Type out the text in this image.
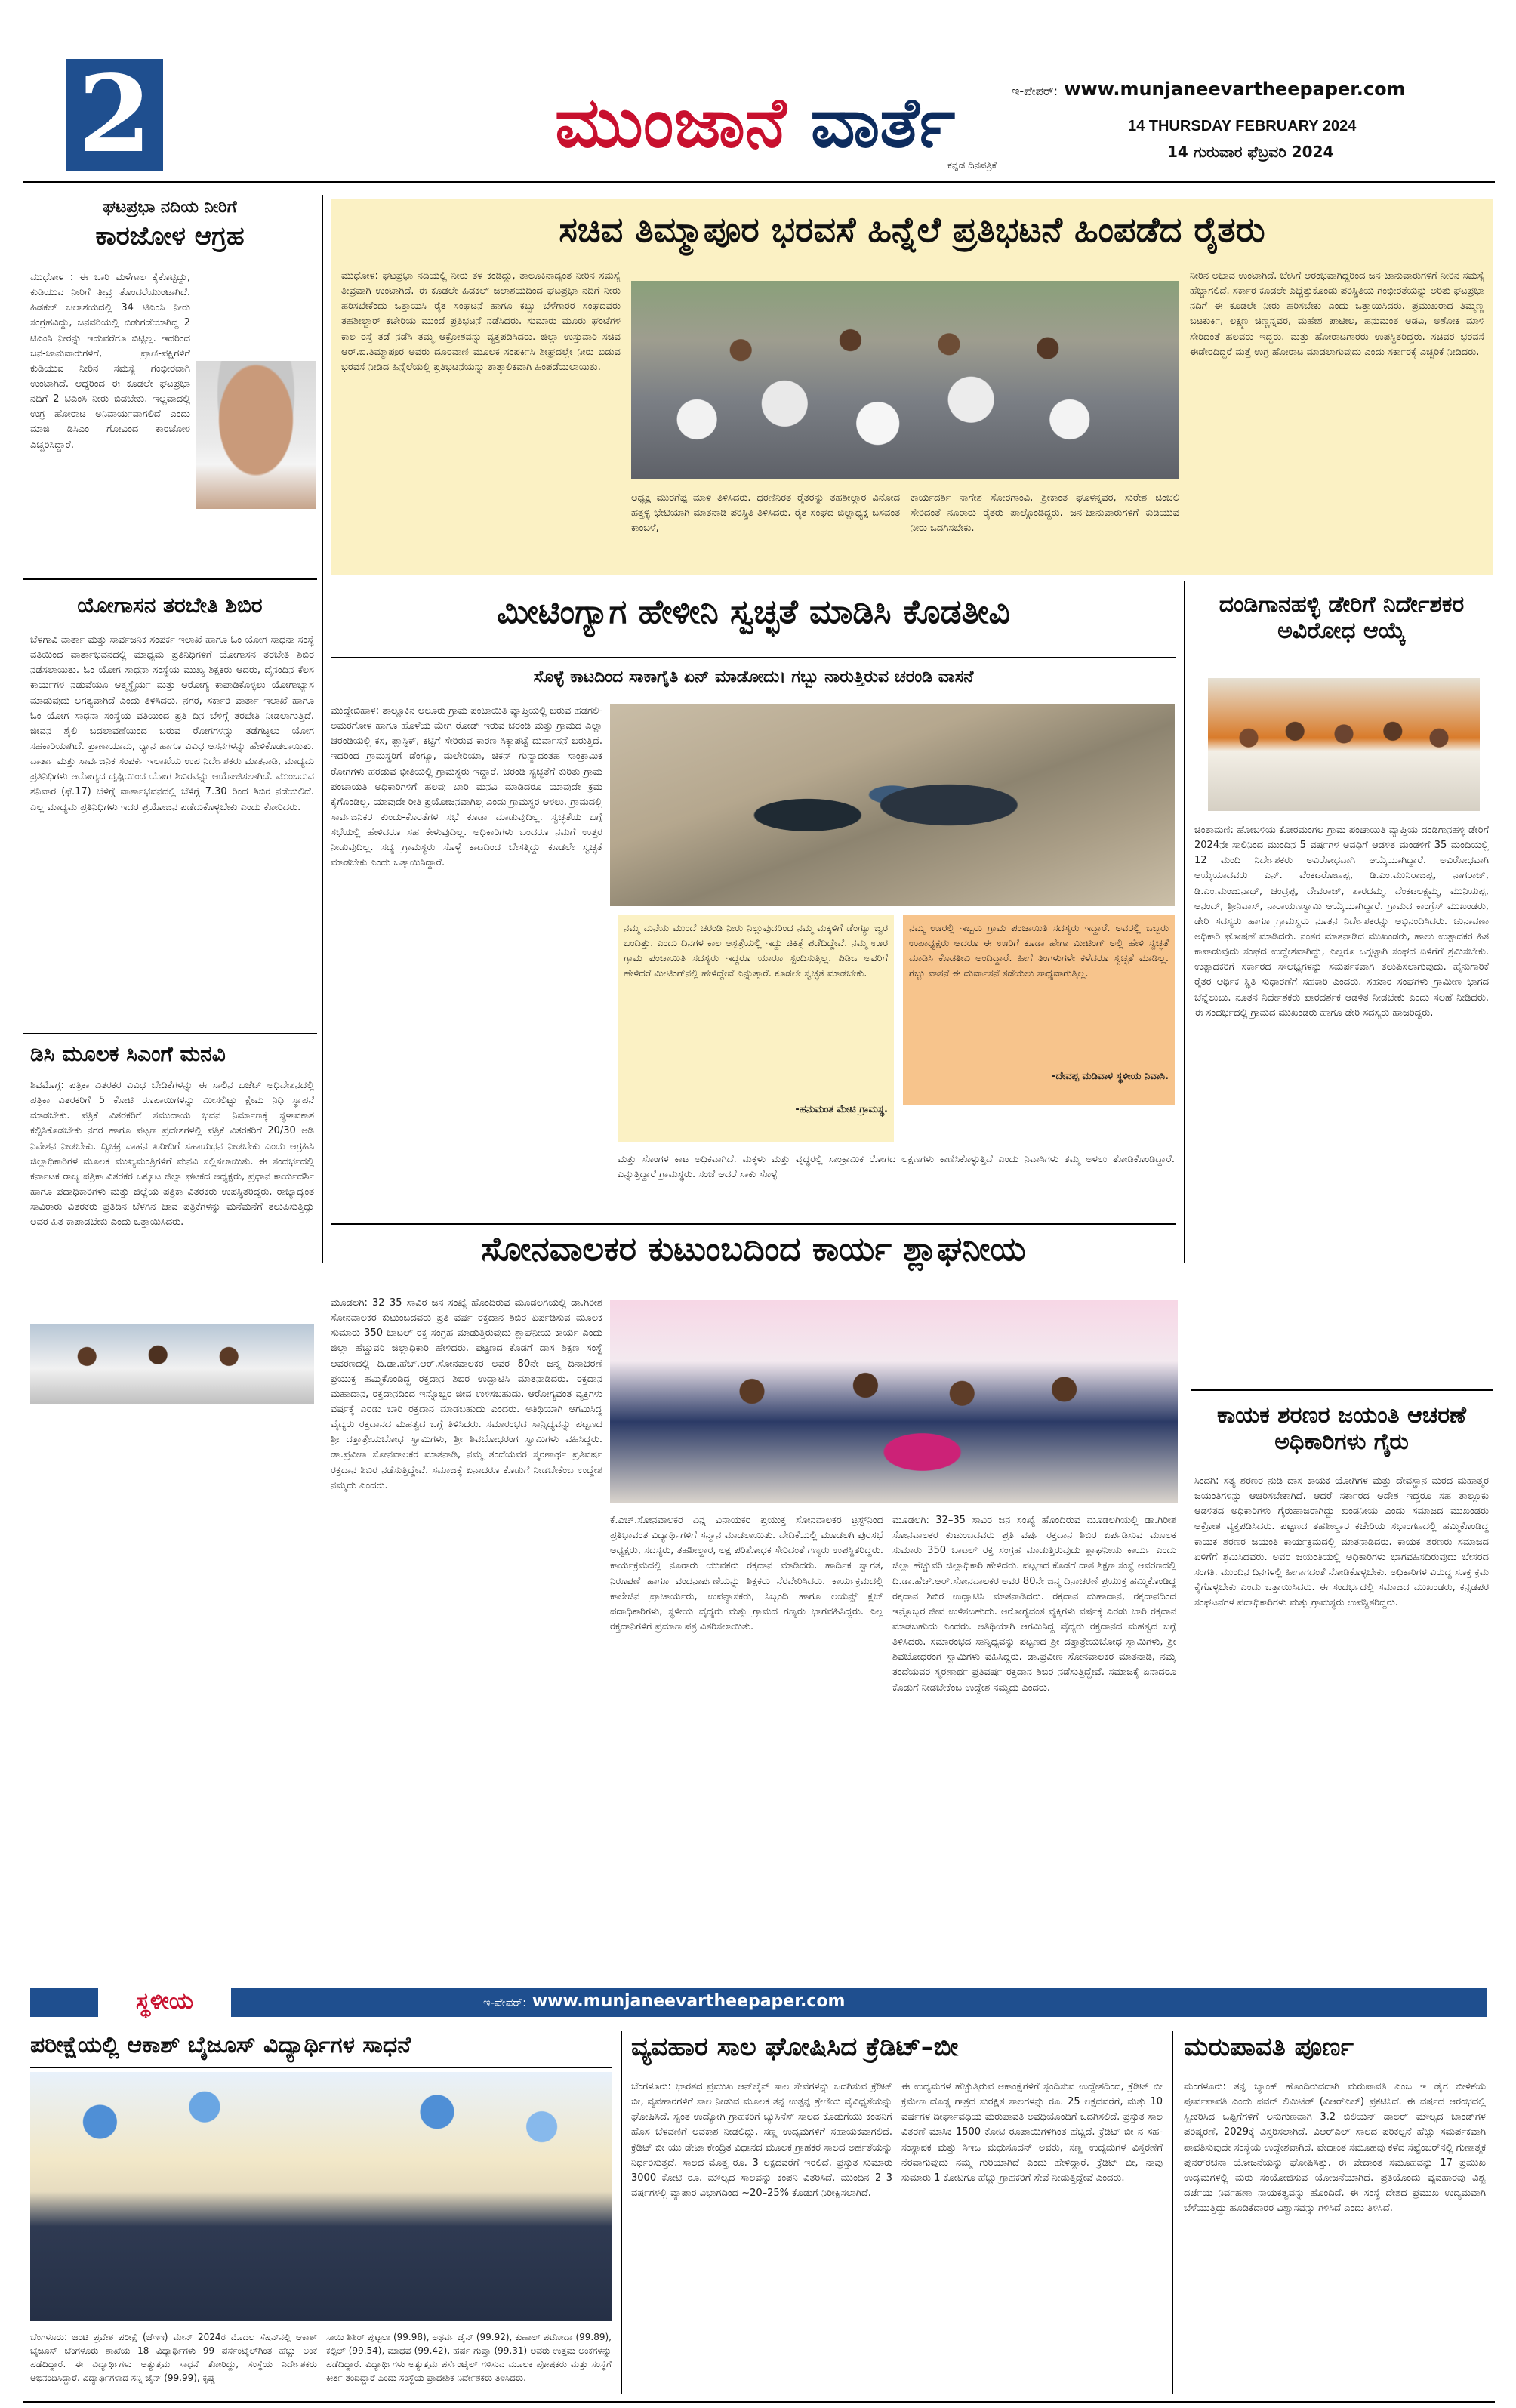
2	ಮುಂಜಾನೆ ವಾರ್ತೆ
ಕನ್ನಡ ದಿನಪತ್ರಿಕೆ
ಇ-ಪೇಪರ್: www.munjaneevartheepaper.com
14 THURSDAY FEBRUARY 2024
14 ಗುರುವಾರ ಫೆಬ್ರವರಿ 2024
ಘಟಪ್ರಭಾ ನದಿಯ ನೀರಿಗೆ
ಕಾರಜೋಳ ಆಗ್ರಹ
ಮುಧೋಳ : ಈ ಬಾರಿ ಮಳೆಗಾಲ ಕೈಕೊಟ್ಟಿದ್ದು, ಕುಡಿಯುವ ನೀರಿಗೆ ತೀವ್ರ ತೊಂದರೆಯುಂಟಾಗಿದೆ. ಹಿಡಕಲ್ ಜಲಾಶಯದಲ್ಲಿ 34 ಟಿಎಂಸಿ ನೀರು ಸಂಗ್ರಹವಿದ್ದು, ಜನವರಿಯಲ್ಲಿ ಬಿಡುಗಡೆಯಾಗಿದ್ದ 2 ಟಿಎಂಸಿ ನೀರನ್ನು ಇದುವರೆಗೂ ಬಿಟ್ಟಿಲ್ಲ. ಇದರಿಂದ ಜನ-ಜಾನುವಾರುಗಳಿಗೆ, ಪ್ರಾಣಿ-ಪಕ್ಷಿಗಳಿಗೆ ಕುಡಿಯುವ ನೀರಿನ ಸಮಸ್ಯೆ ಗಂಭೀರವಾಗಿ ಉಂಟಾಗಿದೆ. ಆದ್ದರಿಂದ ಈ ಕೂಡಲೇ ಘಟಪ್ರಭಾ ನದಿಗೆ 2 ಟಿಎಂಸಿ ನೀರು ಬಿಡಬೇಕು. ಇಲ್ಲವಾದಲ್ಲಿ ಉಗ್ರ ಹೋರಾಟ ಅನಿವಾರ್ಯವಾಗಲಿದೆ ಎಂದು ಮಾಜಿ ಡಿಸಿಎಂ ಗೋವಿಂದ ಕಾರಜೋಳ ಎಚ್ಚರಿಸಿದ್ದಾರೆ.
ಯೋಗಾಸನ ತರಬೇತಿ ಶಿಬಿರ
ಬೆಳಗಾವಿ ವಾರ್ತಾ ಮತ್ತು ಸಾರ್ವಜನಿಕ ಸಂಪರ್ಕ ಇಲಾಖೆ ಹಾಗೂ ಓಂ ಯೋಗ ಸಾಧನಾ ಸಂಸ್ಥೆ ವತಿಯಿಂದ ವಾರ್ತಾಭವನದಲ್ಲಿ ಮಾಧ್ಯಮ ಪ್ರತಿನಿಧಿಗಳಿಗೆ ಯೋಗಾಸನ ತರಬೇತಿ ಶಿಬಿರ ನಡೆಸಲಾಯಿತು. ಓಂ ಯೋಗ ಸಾಧನಾ ಸಂಸ್ಥೆಯ ಮುಖ್ಯ ಶಿಕ್ಷಕರು ಆದರು, ದೈನಂದಿನ ಕೆಲಸ ಕಾರ್ಯಗಳ ನಡುವೆಯೂ ಆತ್ಮಸ್ಥೈರ್ಯ ಮತ್ತು ಆರೋಗ್ಯ ಕಾಪಾಡಿಕೊಳ್ಳಲು ಯೋಗಾಭ್ಯಾಸ ಮಾಡುವುದು ಅಗತ್ಯವಾಗಿದೆ ಎಂದು ತಿಳಿಸಿದರು. ನಗರ, ಸರ್ಕಾರಿ ವಾರ್ತಾ ಇಲಾಖೆ ಹಾಗೂ ಓಂ ಯೋಗ ಸಾಧನಾ ಸಂಸ್ಥೆಯ ವತಿಯಿಂದ ಪ್ರತಿ ದಿನ ಬೆಳಿಗ್ಗೆ ತರಬೇತಿ ನೀಡಲಾಗುತ್ತಿದೆ. ಜೀವನ ಶೈಲಿ ಬದಲಾವಣೆಯಿಂದ ಬರುವ ರೋಗಗಳನ್ನು ತಡೆಗಟ್ಟಲು ಯೋಗ ಸಹಕಾರಿಯಾಗಿದೆ. ಪ್ರಾಣಾಯಾಮ, ಧ್ಯಾನ ಹಾಗೂ ವಿವಿಧ ಆಸನಗಳನ್ನು ಹೇಳಿಕೊಡಲಾಯಿತು. ವಾರ್ತಾ ಮತ್ತು ಸಾರ್ವಜನಿಕ ಸಂಪರ್ಕ ಇಲಾಖೆಯ ಉಪ ನಿರ್ದೇಶಕರು ಮಾತನಾಡಿ, ಮಾಧ್ಯಮ ಪ್ರತಿನಿಧಿಗಳು ಆರೋಗ್ಯದ ದೃಷ್ಟಿಯಿಂದ ಯೋಗ ಶಿಬಿರವನ್ನು ಆಯೋಜಿಸಲಾಗಿದೆ. ಮುಂಬರುವ ಶನಿವಾರ (ಫೆ.17) ಬೆಳಿಗ್ಗೆ ವಾರ್ತಾಭವನದಲ್ಲಿ ಬೆಳಿಗ್ಗೆ 7.30 ರಿಂದ ಶಿಬಿರ ನಡೆಯಲಿದೆ. ಎಲ್ಲ ಮಾಧ್ಯಮ ಪ್ರತಿನಿಧಿಗಳು ಇದರ ಪ್ರಯೋಜನ ಪಡೆದುಕೊಳ್ಳಬೇಕು ಎಂದು ಕೋರಿದರು.
ಡಿಸಿ ಮೂಲಕ ಸಿಎಂಗೆ ಮನವಿ
ಶಿವಮೊಗ್ಗ: ಪತ್ರಿಕಾ ವಿತರಕರ ವಿವಿಧ ಬೇಡಿಕೆಗಳನ್ನು ಈ ಸಾಲಿನ ಬಜೆಟ್ ಅಧಿವೇಶನದಲ್ಲಿ ಪತ್ರಿಕಾ ವಿತರಕರಿಗೆ 5 ಕೋಟಿ ರೂಪಾಯಿಗಳನ್ನು ಮೀಸಲಿಟ್ಟು ಕ್ಷೇಮ ನಿಧಿ ಸ್ಥಾಪನೆ ಮಾಡಬೇಕು. ಪತ್ರಿಕೆ ವಿತರಕರಿಗೆ ಸಮುದಾಯ ಭವನ ನಿರ್ಮಾಣಕ್ಕೆ ಸ್ಥಳಾವಕಾಶ ಕಲ್ಪಿಸಿಕೊಡಬೇಕು ನಗರ ಹಾಗೂ ಪಟ್ಟಣ ಪ್ರದೇಶಗಳಲ್ಲಿ ಪತ್ರಿಕೆ ವಿತರಕರಿಗೆ 20/30 ಅಡಿ ನಿವೇಶನ ನೀಡಬೇಕು. ದ್ವಿಚಕ್ರ ವಾಹನ ಖರೀದಿಗೆ ಸಹಾಯಧನ ನೀಡಬೇಕು ಎಂದು ಆಗ್ರಹಿಸಿ ಜಿಲ್ಲಾಧಿಕಾರಿಗಳ ಮೂಲಕ ಮುಖ್ಯಮಂತ್ರಿಗಳಿಗೆ ಮನವಿ ಸಲ್ಲಿಸಲಾಯಿತು. ಈ ಸಂದರ್ಭದಲ್ಲಿ ಕರ್ನಾಟಕ ರಾಜ್ಯ ಪತ್ರಿಕಾ ವಿತರಕರ ಒಕ್ಕೂಟ ಜಿಲ್ಲಾ ಘಟಕದ ಅಧ್ಯಕ್ಷರು, ಪ್ರಧಾನ ಕಾರ್ಯದರ್ಶಿ ಹಾಗೂ ಪದಾಧಿಕಾರಿಗಳು ಮತ್ತು ಜಿಲ್ಲೆಯ ಪತ್ರಿಕಾ ವಿತರಕರು ಉಪಸ್ಥಿತರಿದ್ದರು. ರಾಜ್ಯಾದ್ಯಂತ ಸಾವಿರಾರು ವಿತರಕರು ಪ್ರತಿದಿನ ಬೆಳಗಿನ ಜಾವ ಪತ್ರಿಕೆಗಳನ್ನು ಮನೆಮನೆಗೆ ತಲುಪಿಸುತ್ತಿದ್ದು ಅವರ ಹಿತ ಕಾಪಾಡಬೇಕು ಎಂದು ಒತ್ತಾಯಿಸಿದರು.
ಸಚಿವ ತಿಮ್ಮಾಪೂರ ಭರವಸೆ ಹಿನ್ನೆಲೆ ಪ್ರತಿಭಟನೆ ಹಿಂಪಡೆದ ರೈತರು
ಮುಧೋಳ: ಘಟಪ್ರಭಾ ನದಿಯಲ್ಲಿ ನೀರು ತಳ ಕಂಡಿದ್ದು, ತಾಲೂಕಿನಾದ್ಯಂತ ನೀರಿನ ಸಮಸ್ಯೆ ತೀವ್ರವಾಗಿ ಉಂಟಾಗಿದೆ. ಈ ಕೂಡಲೇ ಹಿಡಕಲ್ ಜಲಾಶಯದಿಂದ ಘಟಪ್ರಭಾ ನದಿಗೆ ನೀರು ಹರಿಸಬೇಕೆಂದು ಒತ್ತಾಯಿಸಿ ರೈತ ಸಂಘಟನೆ ಹಾಗೂ ಕಬ್ಬು ಬೆಳೆಗಾರರ ಸಂಘದವರು ತಹಶೀಲ್ದಾರ್ ಕಚೇರಿಯ ಮುಂದೆ ಪ್ರತಿಭಟನೆ ನಡೆಸಿದರು. ಸುಮಾರು ಮೂರು ಘಂಟೆಗಳ ಕಾಲ ರಸ್ತೆ ತಡೆ ನಡೆಸಿ ತಮ್ಮ ಆಕ್ರೋಶವನ್ನು ವ್ಯಕ್ತಪಡಿಸಿದರು. ಜಿಲ್ಲಾ ಉಸ್ತುವಾರಿ ಸಚಿವ ಆರ್.ಬಿ.ತಿಮ್ಮಾಪೂರ ಅವರು ದೂರವಾಣಿ ಮೂಲಕ ಸಂಪರ್ಕಿಸಿ ಶೀಘ್ರದಲ್ಲೇ ನೀರು ಬಿಡುವ ಭರವಸೆ ನೀಡಿದ ಹಿನ್ನೆಲೆಯಲ್ಲಿ ಪ್ರತಿಭಟನೆಯನ್ನು ತಾತ್ಕಾಲಿಕವಾಗಿ ಹಿಂಪಡೆಯಲಾಯಿತು.
ಅಧ್ಯಕ್ಷ ಮುರಗೆಪ್ಪ ಮಾಳಿ ತಿಳಿಸಿದರು. ಧರಣಿನಿರತ ರೈತರನ್ನು ತಹಶೀಲ್ದಾರ ವಿನೋದ ಹತ್ತಳ್ಳಿ ಭೇಟಿಯಾಗಿ ಮಾತನಾಡಿ ಪರಿಸ್ಥಿತಿ ತಿಳಿಸಿದರು. ರೈತ ಸಂಘದ ಜಿಲ್ಲಾಧ್ಯಕ್ಷ ಬಸವಂತ ಕಾಂಬಳೆ,
ಕಾರ್ಯದರ್ಶಿ ನಾಗೇಶ ಸೋರಗಾಂವಿ, ಶ್ರೀಕಾಂತ ಘೂಳನ್ನವರ, ಸುರೇಶ ಚಿಂಚಲಿ ಸೇರಿದಂತೆ ನೂರಾರು ರೈತರು ಪಾಲ್ಗೊಂಡಿದ್ದರು. ಜನ-ಜಾನುವಾರುಗಳಿಗೆ ಕುಡಿಯುವ ನೀರು ಒದಗಿಸಬೇಕು.
ನೀರಿನ ಅಭಾವ ಉಂಟಾಗಿದೆ. ಬೇಸಿಗೆ ಆರಂಭವಾಗಿದ್ದರಿಂದ ಜನ-ಜಾನುವಾರುಗಳಿಗೆ ನೀರಿನ ಸಮಸ್ಯೆ ಹೆಚ್ಚಾಗಲಿದೆ. ಸರ್ಕಾರ ಕೂಡಲೇ ಎಚ್ಚೆತ್ತುಕೊಂಡು ಪರಿಸ್ಥಿತಿಯ ಗಂಭೀರತೆಯನ್ನು ಅರಿತು ಘಟಪ್ರಭಾ ನದಿಗೆ ಈ ಕೂಡಲೇ ನೀರು ಹರಿಸಬೇಕು ಎಂದು ಒತ್ತಾಯಿಸಿದರು. ಪ್ರಮುಖರಾದ ತಿಮ್ಮಣ್ಣ ಬಟಕುರ್ಕಿ, ಲಕ್ಷ್ಮಣ ಚಿಣ್ಣನ್ನವರ, ಮಹೇಶ ಪಾಟೀಲ, ಹನುಮಂತ ಅಡವಿ, ಅಶೋಕ ಮಾಳಿ ಸೇರಿದಂತೆ ಹಲವರು ಇದ್ದರು. ಮತ್ತು ಹೋರಾಟಗಾರರು ಉಪಸ್ಥಿತರಿದ್ದರು. ಸಚಿವರ ಭರವಸೆ ಈಡೇರದಿದ್ದರೆ ಮತ್ತೆ ಉಗ್ರ ಹೋರಾಟ ಮಾಡಲಾಗುವುದು ಎಂದು ಸರ್ಕಾರಕ್ಕೆ ಎಚ್ಚರಿಕೆ ನೀಡಿದರು.
ಮೀಟಿಂಗ್ಯಾಗ ಹೇಳೀನಿ ಸ್ವಚ್ಛತೆ ಮಾಡಿಸಿ ಕೊಡತೀವಿ
ಸೊಳ್ಳೆ ಕಾಟದಿಂದ ಸಾಕಾಗೈತಿ ಏನ್ ಮಾಡೋದು। ಗಬ್ಬು ನಾರುತ್ತಿರುವ ಚರಂಡಿ ವಾಸನೆ
ಮುದ್ದೇಬಿಹಾಳ: ತಾಲ್ಲೂಕಿನ ಆಲೂರು ಗ್ರಾಮ ಪಂಚಾಯಿತಿ ವ್ಯಾಪ್ತಿಯಲ್ಲಿ ಬರುವ ಹಡಗಲಿ-ಅಮರಗೋಳ ಹಾಗೂ ಹೊಳೆಯ ಮೇಗ ರೋಡ್ ಇರುವ ಚರಂಡಿ ಮತ್ತು ಗ್ರಾಮದ ಎಲ್ಲಾ ಚರಂಡಿಯಲ್ಲಿ ಕಸ, ಪ್ಲಾಸ್ಟಿಕ್, ಕಟ್ಟಿಗೆ ಸೇರಿರುವ ಕಾರಣ ಸಿಕ್ಕಾಪಟ್ಟೆ ದುರ್ವಾಸನೆ ಬರುತ್ತಿದೆ. ಇದರಿಂದ ಗ್ರಾಮಸ್ಥರಿಗೆ ಡೆಂಗ್ಯೂ, ಮಲೇರಿಯಾ, ಚಿಕನ್ ಗುನ್ಯಾದಂತಹ ಸಾಂಕ್ರಾಮಿಕ ರೋಗಗಳು ಹರಡುವ ಭೀತಿಯಲ್ಲಿ ಗ್ರಾಮಸ್ಥರು ಇದ್ದಾರೆ. ಚರಂಡಿ ಸ್ವಚ್ಛತೆಗೆ ಕುರಿತು ಗ್ರಾಮ ಪಂಚಾಯತಿ ಅಧಿಕಾರಿಗಳಿಗೆ ಹಲವು ಬಾರಿ ಮನವಿ ಮಾಡಿದರೂ ಯಾವುದೇ ಕ್ರಮ ಕೈಗೊಂಡಿಲ್ಲ. ಯಾವುದೇ ರೀತಿ ಪ್ರಯೋಜನವಾಗಿಲ್ಲ ಎಂದು ಗ್ರಾಮಸ್ಥರ ಆಳಲು. ಗ್ರಾಮದಲ್ಲಿ ಸಾರ್ವಜನಿಕರ ಕುಂದು-ಕೊರತೆಗಳ ಸಭೆ ಕೂಡಾ ಮಾಡುವುದಿಲ್ಲ. ಸ್ವಚ್ಛತೆಯ ಬಗ್ಗೆ ಸಭೆಯಲ್ಲಿ ಹೇಳಿದರೂ ಸಹ ಕೇಳುವುದಿಲ್ಲ. ಅಧಿಕಾರಿಗಳು ಬಂದರೂ ನಮಗೆ ಉತ್ತರ ನೀಡುವುದಿಲ್ಲ. ಸದ್ಯ ಗ್ರಾಮಸ್ಥರು ಸೊಳ್ಳೆ ಕಾಟದಿಂದ ಬೇಸತ್ತಿದ್ದು ಕೂಡಲೇ ಸ್ವಚ್ಛತೆ ಮಾಡಬೇಕು ಎಂದು ಒತ್ತಾಯಿಸಿದ್ದಾರೆ.
ನಮ್ಮ ಮನೆಯ ಮುಂದೆ ಚರಂಡಿ ನೀರು ನಿಲ್ಲುವುದರಿಂದ ನಮ್ಮ ಮಕ್ಕಳಿಗೆ ಡೆಂಗ್ಯೂ ಜ್ವರ ಬಂದಿತ್ತು. ಎಂದು ದಿನಗಳ ಕಾಲ ಆಸ್ಪತ್ರೆಯಲ್ಲಿ ಇದ್ದು ಚಿಕಿತ್ಸೆ ಪಡೆದಿದ್ದೇವೆ. ನಮ್ಮ ಊರ ಗ್ರಾಮ ಪಂಚಾಯಿತಿ ಸದಸ್ಯರು ಇದ್ದರೂ ಯಾರೂ ಸ್ಪಂದಿಸುತ್ತಿಲ್ಲ. ಪಿಡಿಒ ಅವರಿಗೆ ಹೇಳಿದರೆ ಮೀಟಿಂಗ್‌ನಲ್ಲಿ ಹೇಳಿದ್ದೇವೆ ಎನ್ನುತ್ತಾರೆ. ಕೂಡಲೇ ಸ್ವಚ್ಛತೆ ಮಾಡಬೇಕು.
-ಹನುಮಂತ ಮೇಟಿ ಗ್ರಾಮಸ್ಥ.
ನಮ್ಮ ಊರಲ್ಲಿ ಇಬ್ಬರು ಗ್ರಾಮ ಪಂಚಾಯಿತಿ ಸದಸ್ಯರು ಇದ್ದಾರೆ. ಅವರಲ್ಲಿ ಒಬ್ಬರು ಉಪಾಧ್ಯಕ್ಷರು ಆದರೂ ಈ ಊರಿಗೆ ಕೂಡಾ ಹೇಗಾ ಮೀಟಿಂಗ್ ಅಲ್ಲಿ ಹೇಳಿ ಸ್ವಚ್ಛತೆ ಮಾಡಿಸಿ ಕೊಡತೀವಿ ಅಂದಿದ್ದಾರೆ. ಹೀಗೆ ತಿಂಗಳುಗಳೇ ಕಳೆದರೂ ಸ್ವಚ್ಛತೆ ಮಾಡಿಲ್ಲ. ಗಬ್ಬು ವಾಸನೆ ಈ ದುರ್ವಾಸನೆ ತಡೆಯಲು ಸಾಧ್ಯವಾಗುತ್ತಿಲ್ಲ.
-ದೇವಪ್ಪ ಮಡಿವಾಳ ಸ್ಥಳೀಯ ನಿವಾಸಿ.
ಮತ್ತು ಸೊಂಗಳ ಕಾಟ ಅಧಿಕವಾಗಿದೆ. ಮಕ್ಕಳು ಮತ್ತು ವೃದ್ಧರಲ್ಲಿ ಸಾಂಕ್ರಾಮಿಕ ರೋಗದ ಲಕ್ಷಣಗಳು ಕಾಣಿಸಿಕೊಳ್ಳುತ್ತಿವೆ ಎಂದು ನಿವಾಸಿಗಳು ತಮ್ಮ ಅಳಲು ತೋಡಿಕೊಂಡಿದ್ದಾರೆ. ಎನ್ನುತ್ತಿದ್ದಾರೆ ಗ್ರಾಮಸ್ಥರು. ಸಂಜೆ ಆದರೆ ಸಾಕು ಸೊಳ್ಳೆ
ದಂಡಿಗಾನಹಳ್ಳಿ ಡೇರಿಗೆ ನಿರ್ದೇಶಕರ ಅವಿರೋಧ ಆಯ್ಕೆ
ಚಿಂತಾಮಣಿ: ಹೋಬಳಿಯ ಕೋರಮಂಗಲ ಗ್ರಾಮ ಪಂಚಾಯಿತಿ ವ್ಯಾಪ್ತಿಯ ದಂಡಿಗಾನಹಳ್ಳಿ ಡೇರಿಗೆ 2024ನೇ ಸಾಲಿನಿಂದ ಮುಂದಿನ 5 ವರ್ಷಗಳ ಅವಧಿಗೆ ಆಡಳಿತ ಮಂಡಳಿಗೆ 35 ಮಂದಿಯಲ್ಲಿ 12 ಮಂದಿ ನಿರ್ದೇಶಕರು ಅವಿರೋಧವಾಗಿ ಆಯ್ಕೆಯಾಗಿದ್ದಾರೆ. ಅವಿರೋಧವಾಗಿ ಆಯ್ಕೆಯಾದವರು ಎನ್. ವೆಂಕಟರೋಣಪ್ಪ, ಡಿ.ಎಂ.ಮುನಿರಾಜಪ್ಪ, ನಾಗರಾಜ್, ಡಿ.ಎಂ.ಮಂಜುನಾಥ್, ಚಂದ್ರಪ್ಪ, ದೇವರಾಜ್, ಶಾರದಮ್ಮ, ವೆಂಕಟಲಕ್ಷ್ಮಮ್ಮ, ಮುನಿಯಪ್ಪ, ಆನಂದ್, ಶ್ರೀನಿವಾಸ್, ನಾರಾಯಣಸ್ವಾಮಿ ಆಯ್ಕೆಯಾಗಿದ್ದಾರೆ. ಗ್ರಾಮದ ಕಾಂಗ್ರೆಸ್ ಮುಖಂಡರು, ಡೇರಿ ಸದಸ್ಯರು ಹಾಗೂ ಗ್ರಾಮಸ್ಥರು ನೂತನ ನಿರ್ದೇಶಕರನ್ನು ಅಭಿನಂದಿಸಿದರು. ಚುನಾವಣಾ ಅಧಿಕಾರಿ ಘೋಷಣೆ ಮಾಡಿದರು. ನಂತರ ಮಾತನಾಡಿದ ಮುಖಂಡರು, ಹಾಲು ಉತ್ಪಾದಕರ ಹಿತ ಕಾಪಾಡುವುದು ಸಂಘದ ಉದ್ದೇಶವಾಗಿದ್ದು, ಎಲ್ಲರೂ ಒಗ್ಗಟ್ಟಾಗಿ ಸಂಘದ ಏಳಿಗೆಗೆ ಶ್ರಮಿಸಬೇಕು. ಉತ್ಪಾದಕರಿಗೆ ಸರ್ಕಾರದ ಸೌಲಭ್ಯಗಳನ್ನು ಸಮರ್ಪಕವಾಗಿ ತಲುಪಿಸಲಾಗುವುದು. ಹೈನುಗಾರಿಕೆ ರೈತರ ಆರ್ಥಿಕ ಸ್ಥಿತಿ ಸುಧಾರಣೆಗೆ ಸಹಕಾರಿ ಎಂದರು. ಸಹಕಾರ ಸಂಘಗಳು ಗ್ರಾಮೀಣ ಭಾಗದ ಬೆನ್ನೆಲುಬು. ನೂತನ ನಿರ್ದೇಶಕರು ಪಾರದರ್ಶಕ ಆಡಳಿತ ನೀಡಬೇಕು ಎಂದು ಸಲಹೆ ನೀಡಿದರು. ಈ ಸಂದರ್ಭದಲ್ಲಿ ಗ್ರಾಮದ ಮುಖಂಡರು ಹಾಗೂ ಡೇರಿ ಸದಸ್ಯರು ಹಾಜರಿದ್ದರು.
ಸೋನವಾಲಕರ ಕುಟುಂಬದಿಂದ ಕಾರ್ಯ ಶ್ಲಾಘನೀಯ
ಮೂಡಲಗಿ: 32–35 ಸಾವಿರ ಜನ ಸಂಖ್ಯೆ ಹೊಂದಿರುವ ಮೂಡಲಗಿಯಲ್ಲಿ ಡಾ.ಗಿರೀಶ ಸೋನವಾಲಕರ ಕುಟುಂಬದವರು ಪ್ರತಿ ವರ್ಷ ರಕ್ತದಾನ ಶಿಬಿರ ಏರ್ಪಡಿಸುವ ಮೂಲಕ ಸುಮಾರು 350 ಬಾಟಲ್ ರಕ್ತ ಸಂಗ್ರಹ ಮಾಡುತ್ತಿರುವುದು ಶ್ಲಾಘನೀಯ ಕಾರ್ಯ ಎಂದು ಜಿಲ್ಲಾ ಹೆಚ್ಚುವರಿ ಜಿಲ್ಲಾಧಿಕಾರಿ ಹೇಳಿದರು. ಪಟ್ಟಣದ ಕೊಡಗೆ ದಾಸ ಶಿಕ್ಷಣ ಸಂಸ್ಥೆ ಆವರಣದಲ್ಲಿ ದಿ.ಡಾ.ಹೆಚ್.ಆರ್.ಸೋನವಾಲಕರ ಅವರ 80ನೇ ಜನ್ಮ ದಿನಾಚರಣೆ ಪ್ರಯುಕ್ತ ಹಮ್ಮಿಕೊಂಡಿದ್ದ ರಕ್ತದಾನ ಶಿಬಿರ ಉದ್ಘಾಟಿಸಿ ಮಾತನಾಡಿದರು. ರಕ್ತದಾನ ಮಹಾದಾನ, ರಕ್ತದಾನದಿಂದ ಇನ್ನೊಬ್ಬರ ಜೀವ ಉಳಿಸಬಹುದು. ಆರೋಗ್ಯವಂತ ವ್ಯಕ್ತಿಗಳು ವರ್ಷಕ್ಕೆ ಎರಡು ಬಾರಿ ರಕ್ತದಾನ ಮಾಡಬಹುದು ಎಂದರು. ಅತಿಥಿಯಾಗಿ ಆಗಮಿಸಿದ್ದ ವೈದ್ಯರು ರಕ್ತದಾನದ ಮಹತ್ವದ ಬಗ್ಗೆ ತಿಳಿಸಿದರು. ಸಮಾರಂಭದ ಸಾನ್ನಿಧ್ಯವನ್ನು ಪಟ್ಟಣದ ಶ್ರೀ ದತ್ತಾತ್ರೇಯಬೋಧ ಸ್ವಾಮಿಗಳು, ಶ್ರೀ ಶಿವಬೋಧರಂಗ ಸ್ವಾಮಿಗಳು ವಹಿಸಿದ್ದರು. ಡಾ.ಪ್ರವೀಣ ಸೋನವಾಲಕರ ಮಾತನಾಡಿ, ನಮ್ಮ ತಂದೆಯವರ ಸ್ಮರಣಾರ್ಥ ಪ್ರತಿವರ್ಷ ರಕ್ತದಾನ ಶಿಬಿರ ನಡೆಸುತ್ತಿದ್ದೇವೆ. ಸಮಾಜಕ್ಕೆ ಏನಾದರೂ ಕೊಡುಗೆ ನೀಡಬೇಕೆಂಬ ಉದ್ದೇಶ ನಮ್ಮದು ಎಂದರು.
ಕೆ.ಎಚ್.ಸೋನವಾಲಕರ ವಿನ್ನ ವಿನಾಯಕರ ಪ್ರಯುಕ್ತ ಸೋನವಾಲಕರ ಟ್ರಸ್ಟ್‌ನಿಂದ ಪ್ರತಿಭಾವಂತ ವಿದ್ಯಾರ್ಥಿಗಳಿಗೆ ಸನ್ಮಾನ ಮಾಡಲಾಯಿತು. ವೇದಿಕೆಯಲ್ಲಿ ಮೂಡಲಗಿ ಪುರಸಭೆ ಅಧ್ಯಕ್ಷರು, ಸದಸ್ಯರು, ತಹಶೀಲ್ದಾರ, ಲಕ್ಷ ಪರಿಶೋಧಕ ಸೇರಿದಂತೆ ಗಣ್ಯರು ಉಪಸ್ಥಿತರಿದ್ದರು. ಕಾರ್ಯಕ್ರಮದಲ್ಲಿ ನೂರಾರು ಯುವಕರು ರಕ್ತದಾನ ಮಾಡಿದರು. ಹಾರ್ದಿಕ ಸ್ವಾಗತ, ನಿರೂಪಣೆ ಹಾಗೂ ವಂದನಾರ್ಪಣೆಯನ್ನು ಶಿಕ್ಷಕರು ನೆರವೇರಿಸಿದರು. ಕಾರ್ಯಕ್ರಮದಲ್ಲಿ ಕಾಲೇಜಿನ ಪ್ರಾಚಾರ್ಯರು, ಉಪನ್ಯಾಸಕರು, ಸಿಬ್ಬಂದಿ ಹಾಗೂ ಲಯನ್ಸ್ ಕ್ಲಬ್ ಪದಾಧಿಕಾರಿಗಳು, ಸ್ಥಳೀಯ ವೈದ್ಯರು ಮತ್ತು ಗ್ರಾಮದ ಗಣ್ಯರು ಭಾಗವಹಿಸಿದ್ದರು. ಎಲ್ಲ ರಕ್ತದಾನಿಗಳಿಗೆ ಪ್ರಮಾಣ ಪತ್ರ ವಿತರಿಸಲಾಯಿತು.
ಮೂಡಲಗಿ: 32–35 ಸಾವಿರ ಜನ ಸಂಖ್ಯೆ ಹೊಂದಿರುವ ಮೂಡಲಗಿಯಲ್ಲಿ ಡಾ.ಗಿರೀಶ ಸೋನವಾಲಕರ ಕುಟುಂಬದವರು ಪ್ರತಿ ವರ್ಷ ರಕ್ತದಾನ ಶಿಬಿರ ಏರ್ಪಡಿಸುವ ಮೂಲಕ ಸುಮಾರು 350 ಬಾಟಲ್ ರಕ್ತ ಸಂಗ್ರಹ ಮಾಡುತ್ತಿರುವುದು ಶ್ಲಾಘನೀಯ ಕಾರ್ಯ ಎಂದು ಜಿಲ್ಲಾ ಹೆಚ್ಚುವರಿ ಜಿಲ್ಲಾಧಿಕಾರಿ ಹೇಳಿದರು. ಪಟ್ಟಣದ ಕೊಡಗೆ ದಾಸ ಶಿಕ್ಷಣ ಸಂಸ್ಥೆ ಆವರಣದಲ್ಲಿ ದಿ.ಡಾ.ಹೆಚ್.ಆರ್.ಸೋನವಾಲಕರ ಅವರ 80ನೇ ಜನ್ಮ ದಿನಾಚರಣೆ ಪ್ರಯುಕ್ತ ಹಮ್ಮಿಕೊಂಡಿದ್ದ ರಕ್ತದಾನ ಶಿಬಿರ ಉದ್ಘಾಟಿಸಿ ಮಾತನಾಡಿದರು. ರಕ್ತದಾನ ಮಹಾದಾನ, ರಕ್ತದಾನದಿಂದ ಇನ್ನೊಬ್ಬರ ಜೀವ ಉಳಿಸಬಹುದು. ಆರೋಗ್ಯವಂತ ವ್ಯಕ್ತಿಗಳು ವರ್ಷಕ್ಕೆ ಎರಡು ಬಾರಿ ರಕ್ತದಾನ ಮಾಡಬಹುದು ಎಂದರು. ಅತಿಥಿಯಾಗಿ ಆಗಮಿಸಿದ್ದ ವೈದ್ಯರು ರಕ್ತದಾನದ ಮಹತ್ವದ ಬಗ್ಗೆ ತಿಳಿಸಿದರು. ಸಮಾರಂಭದ ಸಾನ್ನಿಧ್ಯವನ್ನು ಪಟ್ಟಣದ ಶ್ರೀ ದತ್ತಾತ್ರೇಯಬೋಧ ಸ್ವಾಮಿಗಳು, ಶ್ರೀ ಶಿವಬೋಧರಂಗ ಸ್ವಾಮಿಗಳು ವಹಿಸಿದ್ದರು. ಡಾ.ಪ್ರವೀಣ ಸೋನವಾಲಕರ ಮಾತನಾಡಿ, ನಮ್ಮ ತಂದೆಯವರ ಸ್ಮರಣಾರ್ಥ ಪ್ರತಿವರ್ಷ ರಕ್ತದಾನ ಶಿಬಿರ ನಡೆಸುತ್ತಿದ್ದೇವೆ. ಸಮಾಜಕ್ಕೆ ಏನಾದರೂ ಕೊಡುಗೆ ನೀಡಬೇಕೆಂಬ ಉದ್ದೇಶ ನಮ್ಮದು ಎಂದರು.
ಕಾಯಕ ಶರಣರ ಜಯಂತಿ ಆಚರಣೆ ಅಧಿಕಾರಿಗಳು ಗೈರು
ಸಿಂದಗಿ: ಸತ್ಯ ಶರಣರ ನುಡಿ ದಾಸ ಕಾಯಕ ಯೋಗಿಗಳ ಮತ್ತು ದೇವಸ್ಥಾನ ಮಠದ ಮಹಾತ್ಮರ ಜಯಂತಿಗಳನ್ನು ಆಚರಿಸಬೇಕಾಗಿದೆ. ಆದರೆ ಸರ್ಕಾರದ ಆದೇಶ ಇದ್ದರೂ ಸಹ ತಾಲ್ಲೂಕು ಆಡಳಿತದ ಅಧಿಕಾರಿಗಳು ಗೈರುಹಾಜರಾಗಿದ್ದು ಖಂಡನೀಯ ಎಂದು ಸಮಾಜದ ಮುಖಂಡರು ಆಕ್ರೋಶ ವ್ಯಕ್ತಪಡಿಸಿದರು. ಪಟ್ಟಣದ ತಹಶೀಲ್ದಾರ ಕಚೇರಿಯ ಸಭಾಂಗಣದಲ್ಲಿ ಹಮ್ಮಿಕೊಂಡಿದ್ದ ಕಾಯಕ ಶರಣರ ಜಯಂತಿ ಕಾರ್ಯಕ್ರಮದಲ್ಲಿ ಮಾತನಾಡಿದರು. ಕಾಯಕ ಶರಣರು ಸಮಾಜದ ಏಳಿಗೆಗೆ ಶ್ರಮಿಸಿದವರು. ಅವರ ಜಯಂತಿಯಲ್ಲಿ ಅಧಿಕಾರಿಗಳು ಭಾಗವಹಿಸದಿರುವುದು ಬೇಸರದ ಸಂಗತಿ. ಮುಂದಿನ ದಿನಗಳಲ್ಲಿ ಹೀಗಾಗದಂತೆ ನೋಡಿಕೊಳ್ಳಬೇಕು. ಅಧಿಕಾರಿಗಳ ವಿರುದ್ಧ ಸೂಕ್ತ ಕ್ರಮ ಕೈಗೊಳ್ಳಬೇಕು ಎಂದು ಒತ್ತಾಯಿಸಿದರು. ಈ ಸಂದರ್ಭದಲ್ಲಿ ಸಮಾಜದ ಮುಖಂಡರು, ಕನ್ನಡಪರ ಸಂಘಟನೆಗಳ ಪದಾಧಿಕಾರಿಗಳು ಮತ್ತು ಗ್ರಾಮಸ್ಥರು ಉಪಸ್ಥಿತರಿದ್ದರು.
ಸ್ಥಳೀಯ	ಇ-ಪೇಪರ್: www.munjaneevartheepaper.com
ಪರೀಕ್ಷೆಯಲ್ಲಿ ಆಕಾಶ್ ಬೈಜೂಸ್ ವಿದ್ಯಾರ್ಥಿಗಳ ಸಾಧನೆ
ಬೆಂಗಳೂರು: ಜಂಟಿ ಪ್ರವೇಶ ಪರೀಕ್ಷೆ (ಜೆಇಇ) ಮೇನ್ 2024ರ ಮೊದಲ ಸೆಷನ್‌ನಲ್ಲಿ ಆಕಾಶ್ ಬೈಜೂಸ್ ಬೆಂಗಳೂರು ಶಾಖೆಯ 18 ವಿದ್ಯಾರ್ಥಿಗಳು 99 ಪರ್ಸೆಂಟೈಲ್‌ಗಿಂತ ಹೆಚ್ಚು ಅಂಕ ಪಡೆದಿದ್ದಾರೆ. ಈ ವಿದ್ಯಾರ್ಥಿಗಳು ಅತ್ಯುತ್ತಮ ಸಾಧನೆ ತೋರಿದ್ದು, ಸಂಸ್ಥೆಯ ನಿರ್ದೇಶಕರು ಅಭಿನಂದಿಸಿದ್ದಾರೆ. ವಿದ್ಯಾರ್ಥಿಗಳಾದ ಸನ್ನಿ ಜೈನ್ (99.99), ಕೃಷ್ಣ
ಸಾಯಿ ಶಿಶಿರ್ ಪುಟ್ಟಲಾ (99.98), ಅಥರ್ವ ಜೈನ್ (99.92), ಕುಣಾಲ್ ಪಟೋದಾ (99.89), ಕಲ್ಪಿಲ್ (99.54), ಮಾಧವ (99.42), ಹರ್ಷ ಗುಪ್ತಾ (99.31) ಅವರು ಉತ್ತಮ ಅಂಕಗಳನ್ನು ಪಡೆದಿದ್ದಾರೆ. ವಿದ್ಯಾರ್ಥಿಗಳು ಅತ್ಯುತ್ತಮ ಪರ್ಸೆಂಟೈಲ್ ಗಳಿಸುವ ಮೂಲಕ ಪೋಷಕರು ಮತ್ತು ಸಂಸ್ಥೆಗೆ ಕೀರ್ತಿ ತಂದಿದ್ದಾರೆ ಎಂದು ಸಂಸ್ಥೆಯ ಪ್ರಾದೇಶಿಕ ನಿರ್ದೇಶಕರು ತಿಳಿಸಿದರು.
ವ್ಯವಹಾರ ಸಾಲ ಘೋಷಿಸಿದ ಕ್ರೆಡಿಟ್–ಬೀ
ಬೆಂಗಳೂರು: ಭಾರತದ ಪ್ರಮುಖ ಆನ್‌ಲೈನ್ ಸಾಲ ಸೇವೆಗಳನ್ನು ಒದಗಿಸುವ ಕ್ರೆಡಿಟ್ ಬೀ, ವ್ಯವಹಾರಗಳಿಗೆ ಸಾಲ ನೀಡುವ ಮೂಲಕ ತನ್ನ ಉತ್ಪನ್ನ ಶ್ರೇಣಿಯ ವೈವಿಧ್ಯತೆಯನ್ನು ಘೋಷಿಸಿದೆ. ಸ್ವಂತ ಉದ್ಯೋಗಿ ಗ್ರಾಹಕರಿಗೆ ಬ್ಯುಸಿನೆಸ್ ಸಾಲದ ಕೊಡುಗೆಯು ಕಂಪನಿಗೆ ಹೊಸ ಬೆಳವಣಿಗೆ ಅವಕಾಶ ನೀಡಲಿದ್ದು, ಸಣ್ಣ ಉದ್ಯಮಗಳಿಗೆ ಸಹಾಯಕವಾಗಲಿದೆ. ಕ್ರೆಡಿಟ್ ಬೀ ಯು ಡೇಟಾ ಕೇಂದ್ರಿತ ವಿಧಾನದ ಮೂಲಕ ಗ್ರಾಹಕರ ಸಾಲದ ಅರ್ಹತೆಯನ್ನು ನಿರ್ಧರಿಸುತ್ತದೆ. ಸಾಲದ ಮೊತ್ತ ರೂ. 3 ಲಕ್ಷದವರೆಗೆ ಇರಲಿದೆ. ಪ್ರಸ್ತುತ ಸುಮಾರು 3000 ಕೋಟಿ ರೂ. ಮೌಲ್ಯದ ಸಾಲವನ್ನು ಕಂಪನಿ ವಿತರಿಸಿದೆ. ಮುಂದಿನ 2–3 ವರ್ಷಗಳಲ್ಲಿ ವ್ಯಾಪಾರ ವಿಭಾಗದಿಂದ ~20–25% ಕೊಡುಗೆ ನಿರೀಕ್ಷಿಸಲಾಗಿದೆ.
ಈ ಉದ್ಯಮಗಳ ಹೆಚ್ಚುತ್ತಿರುವ ಆಕಾಂಕ್ಷೆಗಳಿಗೆ ಸ್ಪಂದಿಸುವ ಉದ್ದೇಶದಿಂದ, ಕ್ರೆಡಿಟ್ ಬೀ ಕ್ರಮೇಣ ದೊಡ್ಡ ಗಾತ್ರದ ಸುರಕ್ಷಿತ ಸಾಲಗಳನ್ನು ರೂ. 25 ಲಕ್ಷದವರೆಗೆ, ಮತ್ತು 10 ವರ್ಷಗಳ ದೀರ್ಘಾವಧಿಯ ಮರುಪಾವತಿ ಅವಧಿಯೊಂದಿಗೆ ಒದಗಿಸಲಿದೆ. ಪ್ರಸ್ತುತ ಸಾಲ ವಿತರಣೆ ಮಾಸಿಕ 1500 ಕೋಟಿ ರೂಪಾಯಿಗಳಿಗಿಂತ ಹೆಚ್ಚಿದೆ. ಕ್ರೆಡಿಟ್ ಬೀ ನ ಸಹ-ಸಂಸ್ಥಾಪಕ ಮತ್ತು ಸಿಇಒ ಮಧುಸೂದನ್ ಅವರು, ಸಣ್ಣ ಉದ್ಯಮಗಳ ವಿಸ್ತರಣೆಗೆ ನೆರವಾಗುವುದು ನಮ್ಮ ಗುರಿಯಾಗಿದೆ ಎಂದು ಹೇಳಿದ್ದಾರೆ. ಕ್ರೆಡಿಟ್ ಬೀ, ನಾವು ಸುಮಾರು 1 ಕೋಟಿಗೂ ಹೆಚ್ಚು ಗ್ರಾಹಕರಿಗೆ ಸೇವೆ ನೀಡುತ್ತಿದ್ದೇವೆ ಎಂದರು.
ಮರುಪಾವತಿ ಪೂರ್ಣ
ಮಂಗಳೂರು: ತನ್ನ ಬ್ಯಾಂಕ್ ಹೊಂದಿರುವದಾಗಿ ಮರುಪಾವತಿ ಎಂಬ ಇ ಡೈಗ ಬೀಳಿಕೆಯ ಪೂರ್ವಪಾವತಿ ಎಂದು ಪವರ್ ಲಿಮಿಟೆಡ್ (ವಿಆರ್‌ಎಲ್) ಪ್ರಕಟಿಸಿದೆ. ಈ ವರ್ಷದ ಆರಂಭದಲ್ಲಿ ಸ್ವೀಕರಿಸಿದ ಒಪ್ಪಿಗೆಗಳಿಗೆ ಅನುಗುಣವಾಗಿ 3.2 ಬಿಲಿಯನ್ ಡಾಲರ್ ಮೌಲ್ಯದ ಬಾಂಡ್‌ಗಳ ಪರಿಷ್ಕರಣೆ, 2029ಕ್ಕೆ ವಿಸ್ತರಿಸಲಾಗಿದೆ. ವಿಆರ್‌ಎಲ್ ಸಾಲದ ಪರಿಕಲ್ಪನೆ ಹೆಚ್ಚು ಸಮರ್ಪಕವಾಗಿ ಪಾವತಿಸುವುದೇ ಸಂಸ್ಥೆಯ ಉದ್ದೇಶವಾಗಿದೆ. ವೇದಾಂತ ಸಮೂಹವು ಕಳೆದ ಸೆಪ್ಟೆಂಬರ್‌ನಲ್ಲಿ ಗುಣಾತ್ಮಕ ಪುನರ್‌ರಚನಾ ಯೋಜನೆಯನ್ನು ಘೋಷಿಸಿತ್ತು. ಈ ವೇದಾಂತ ಸಮೂಹವನ್ನು 17 ಪ್ರಮುಖ ಉದ್ಯಮಗಳಲ್ಲಿ ಮರು ಸಂಯೋಜಿಸುವ ಯೋಜನೆಯಾಗಿದೆ. ಪ್ರತಿಯೊಂದು ವ್ಯವಹಾರವು ವಿಶ್ವ ದರ್ಜೆಯ ನಿರ್ವಹಣಾ ನಾಯಕತ್ವವನ್ನು ಹೊಂದಿದೆ. ಈ ಸಂಸ್ಥೆ ದೇಶದ ಪ್ರಮುಖ ಉದ್ಯಮವಾಗಿ ಬೆಳೆಯುತ್ತಿದ್ದು ಹೂಡಿಕೆದಾರರ ವಿಶ್ವಾಸವನ್ನು ಗಳಿಸಿದೆ ಎಂದು ತಿಳಿಸಿದೆ.
